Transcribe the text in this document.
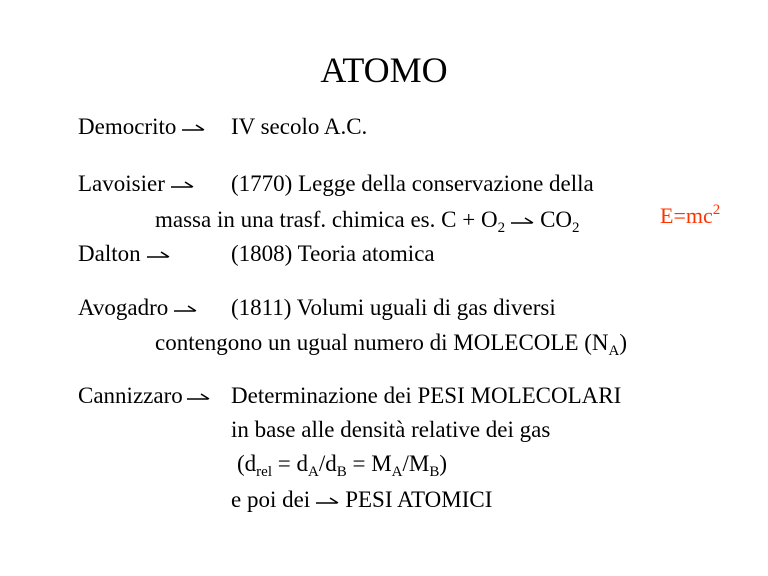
ATOMO
Democrito	IV secolo A.C.
Lavoisier	(1770) Legge della conservazione della
massa in una trasf. chimica es. $C + O_2$ $CO_2$	$E=mc^2$
Dalton	(1808) Teoria atomica
Avogadro	(1811) Volumi uguali di gas diversi
contengono un ugual numero di MOLECOLE $(N_A)$
Cannizzaro	Determinazione dei PESI MOLECOLARI
in base alle densità relative dei gas
$(d_{rel} = d_A/d_B = M_A/M_B)$
e poi dei PESI ATOMICI
